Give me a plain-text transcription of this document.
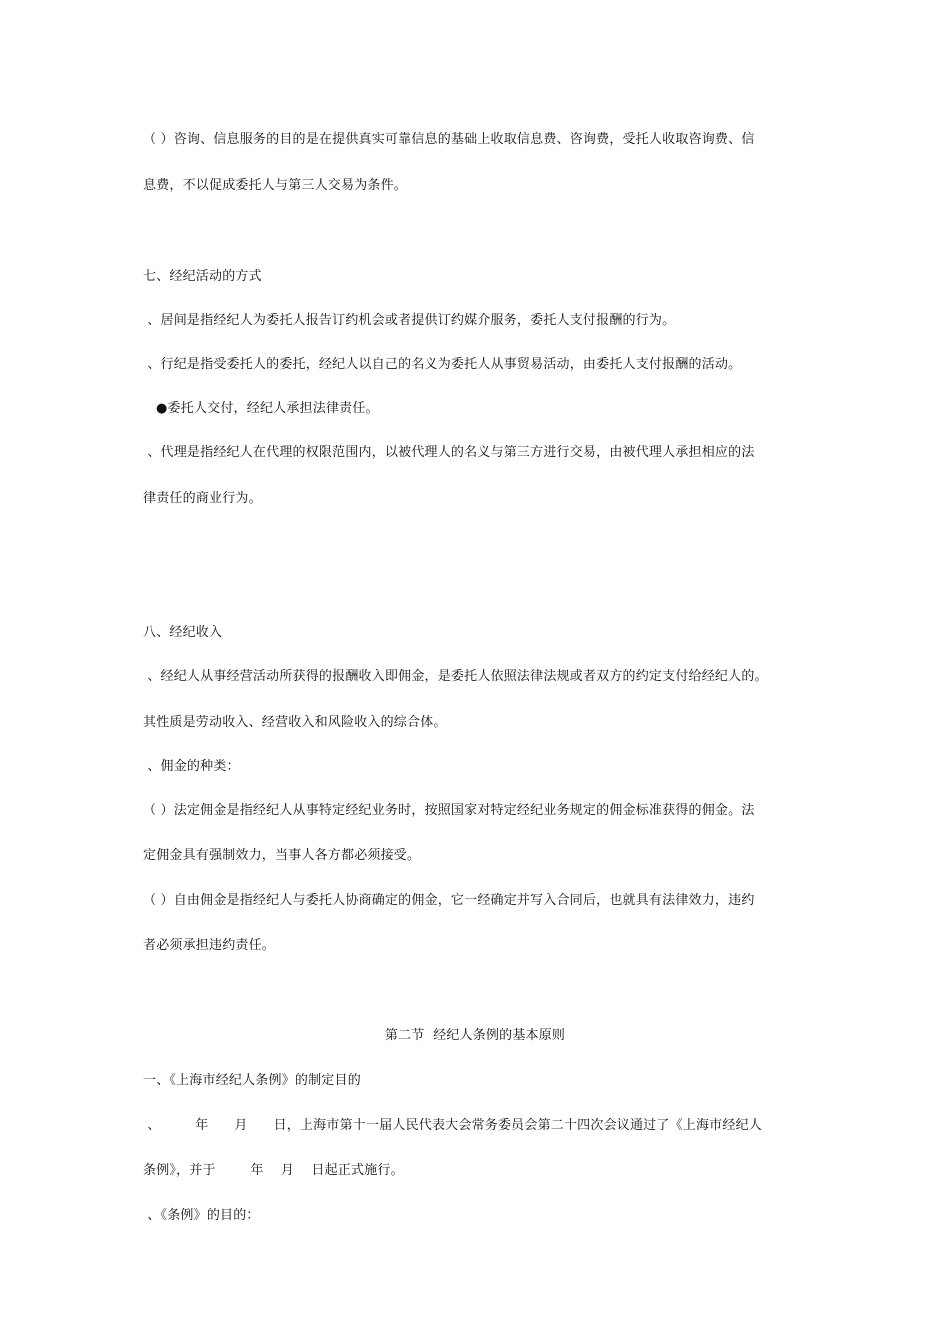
（ ）咨询、信息服务的目的是在提供真实可靠信息的基础上收取信息费、咨询费，受托人收取咨询费、信
息费，不以促成委托人与第三人交易为条件。
七、经纪活动的方式
、居间是指经纪人为委托人报告订约机会或者提供订约媒介服务，委托人支付报酬的行为。
、行纪是指受委托人的委托，经纪人以自己的名义为委托人从事贸易活动，由委托人支付报酬的活动。
●委托人交付，经纪人承担法律责任。
、代理是指经纪人在代理的权限范围内，以被代理人的名义与第三方进行交易，由被代理人承担相应的法
律责任的商业行为。
八、经纪收入
、经纪人从事经营活动所获得的报酬收入即佣金，是委托人依照法律法规或者双方的约定支付给经纪人的。
其性质是劳动收入、经营收入和风险收入的综合体。
、佣金的种类：
（ ）法定佣金是指经纪人从事特定经纪业务时，按照国家对特定经纪业务规定的佣金标准获得的佣金。法
定佣金具有强制效力，当事人各方都必须接受。
（ ）自由佣金是指经纪人与委托人协商确定的佣金，它一经确定并写入合同后，也就具有法律效力，违约
者必须承担违约责任。
第二节  经纪人条例的基本原则
一、《上海市经纪人条例》的制定目的
、        年      月      日，上海市第十一届人民代表大会常务委员会第二十四次会议通过了《上海市经纪人
条例》，并于        年    月    日起正式施行。
、《条例》的目的：
